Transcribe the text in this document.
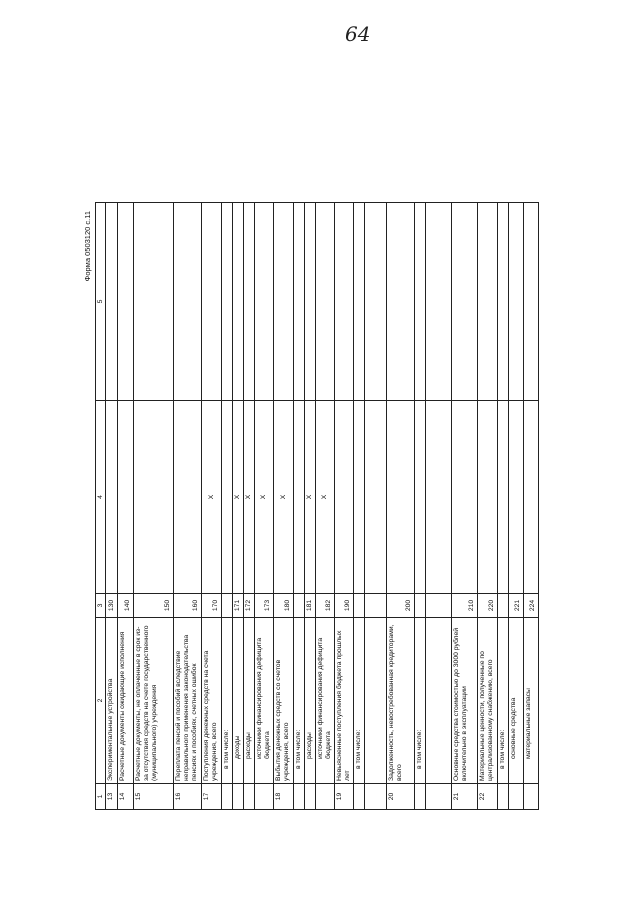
64
Форма 0503120 с.11
1	2	3	4	5
13	Экспериментальные устройства	130		
14	Расчетные документы ожидающие исполнения	140		
15	Расчетные документы, не оплаченные в срок из-за отсутствия средств на счете государственного (муниципального) учреждения	150		
16	Переплата пенсий и пособий вследствие неправильного применения законодательства пенсиях и пособиях, счетных ошибок	160		
17	Поступления денежных средств на счета учреждения, всего	170	X	
	в том числе:			
	доходы	171	X	
	расходы	172	X	
	источники финансирования дефицита бюджета	173	X	
18	Выбытия денежных средств со счетов учреждения, всего	180	X	
	в том числе:			
	расходы	181	X	
	источники финансирования дефицита бюджета	182	X	
19	Невыясненные поступления бюджета прошлых лет	190		
	в том числе:			

20	Задолженность, невостребованная кредиторами, всего	200		
	в том числе:			

21	Основные средства стоимостью до 3000 рублей включительно в эксплуатации	210		
22	Материальные ценности, полученные по централизованному снабжению, всего	220		
	в том числе:			
	основные средства	221		
	материальные запасы	224		
